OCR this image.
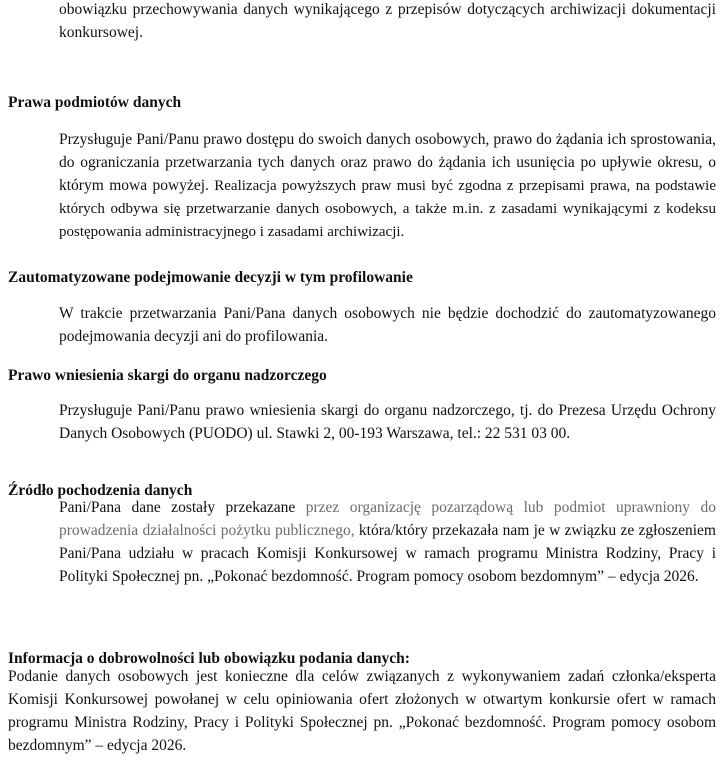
obowiązku przechowywania danych wynikającego z przepisów dotyczących archiwizacji dokumentacji konkursowej.

Prawa podmiotów danych

Przysługuje Pani/Panu prawo dostępu do swoich danych osobowych, prawo do żądania ich sprostowania, do ograniczania przetwarzania tych danych oraz prawo do żądania ich usunięcia po upływie okresu, o którym mowa powyżej. Realizacja powyższych praw musi być zgodna z przepisami prawa, na podstawie których odbywa się przetwarzanie danych osobowych, a także m.in. z zasadami wynikającymi z kodeksu postępowania administracyjnego i zasadami archiwizacji.

Zautomatyzowane podejmowanie decyzji w tym profilowanie

W trakcie przetwarzania Pani/Pana danych osobowych nie będzie dochodzić do zautomatyzowanego podejmowania decyzji ani do profilowania.

Prawo wniesienia skargi do organu nadzorczego

Przysługuje Pani/Panu prawo wniesienia skargi do organu nadzorczego, tj. do Prezesa Urzędu Ochrony Danych Osobowych (PUODO) ul. Stawki 2, 00-193 Warszawa, tel.: 22 531 03 00.

Źródło pochodzenia danych

Pani/Pana dane zostały przekazane przez organizację pozarządową lub podmiot uprawniony do prowadzenia działalności pożytku publicznego, która/który przekazała nam je w związku ze zgłoszeniem Pani/Pana udziału w pracach Komisji Konkursowej w ramach programu Ministra Rodziny, Pracy i Polityki Społecznej pn. „Pokonać bezdomność. Program pomocy osobom bezdomnym” – edycja 2026.

Informacja o dobrowolności lub obowiązku podania danych:

Podanie danych osobowych jest konieczne dla celów związanych z wykonywaniem zadań członka/eksperta Komisji Konkursowej powołanej w celu opiniowania ofert złożonych w otwartym konkursie ofert w ramach programu Ministra Rodziny, Pracy i Polityki Społecznej pn. „Pokonać bezdomność. Program pomocy osobom bezdomnym” – edycja 2026.
